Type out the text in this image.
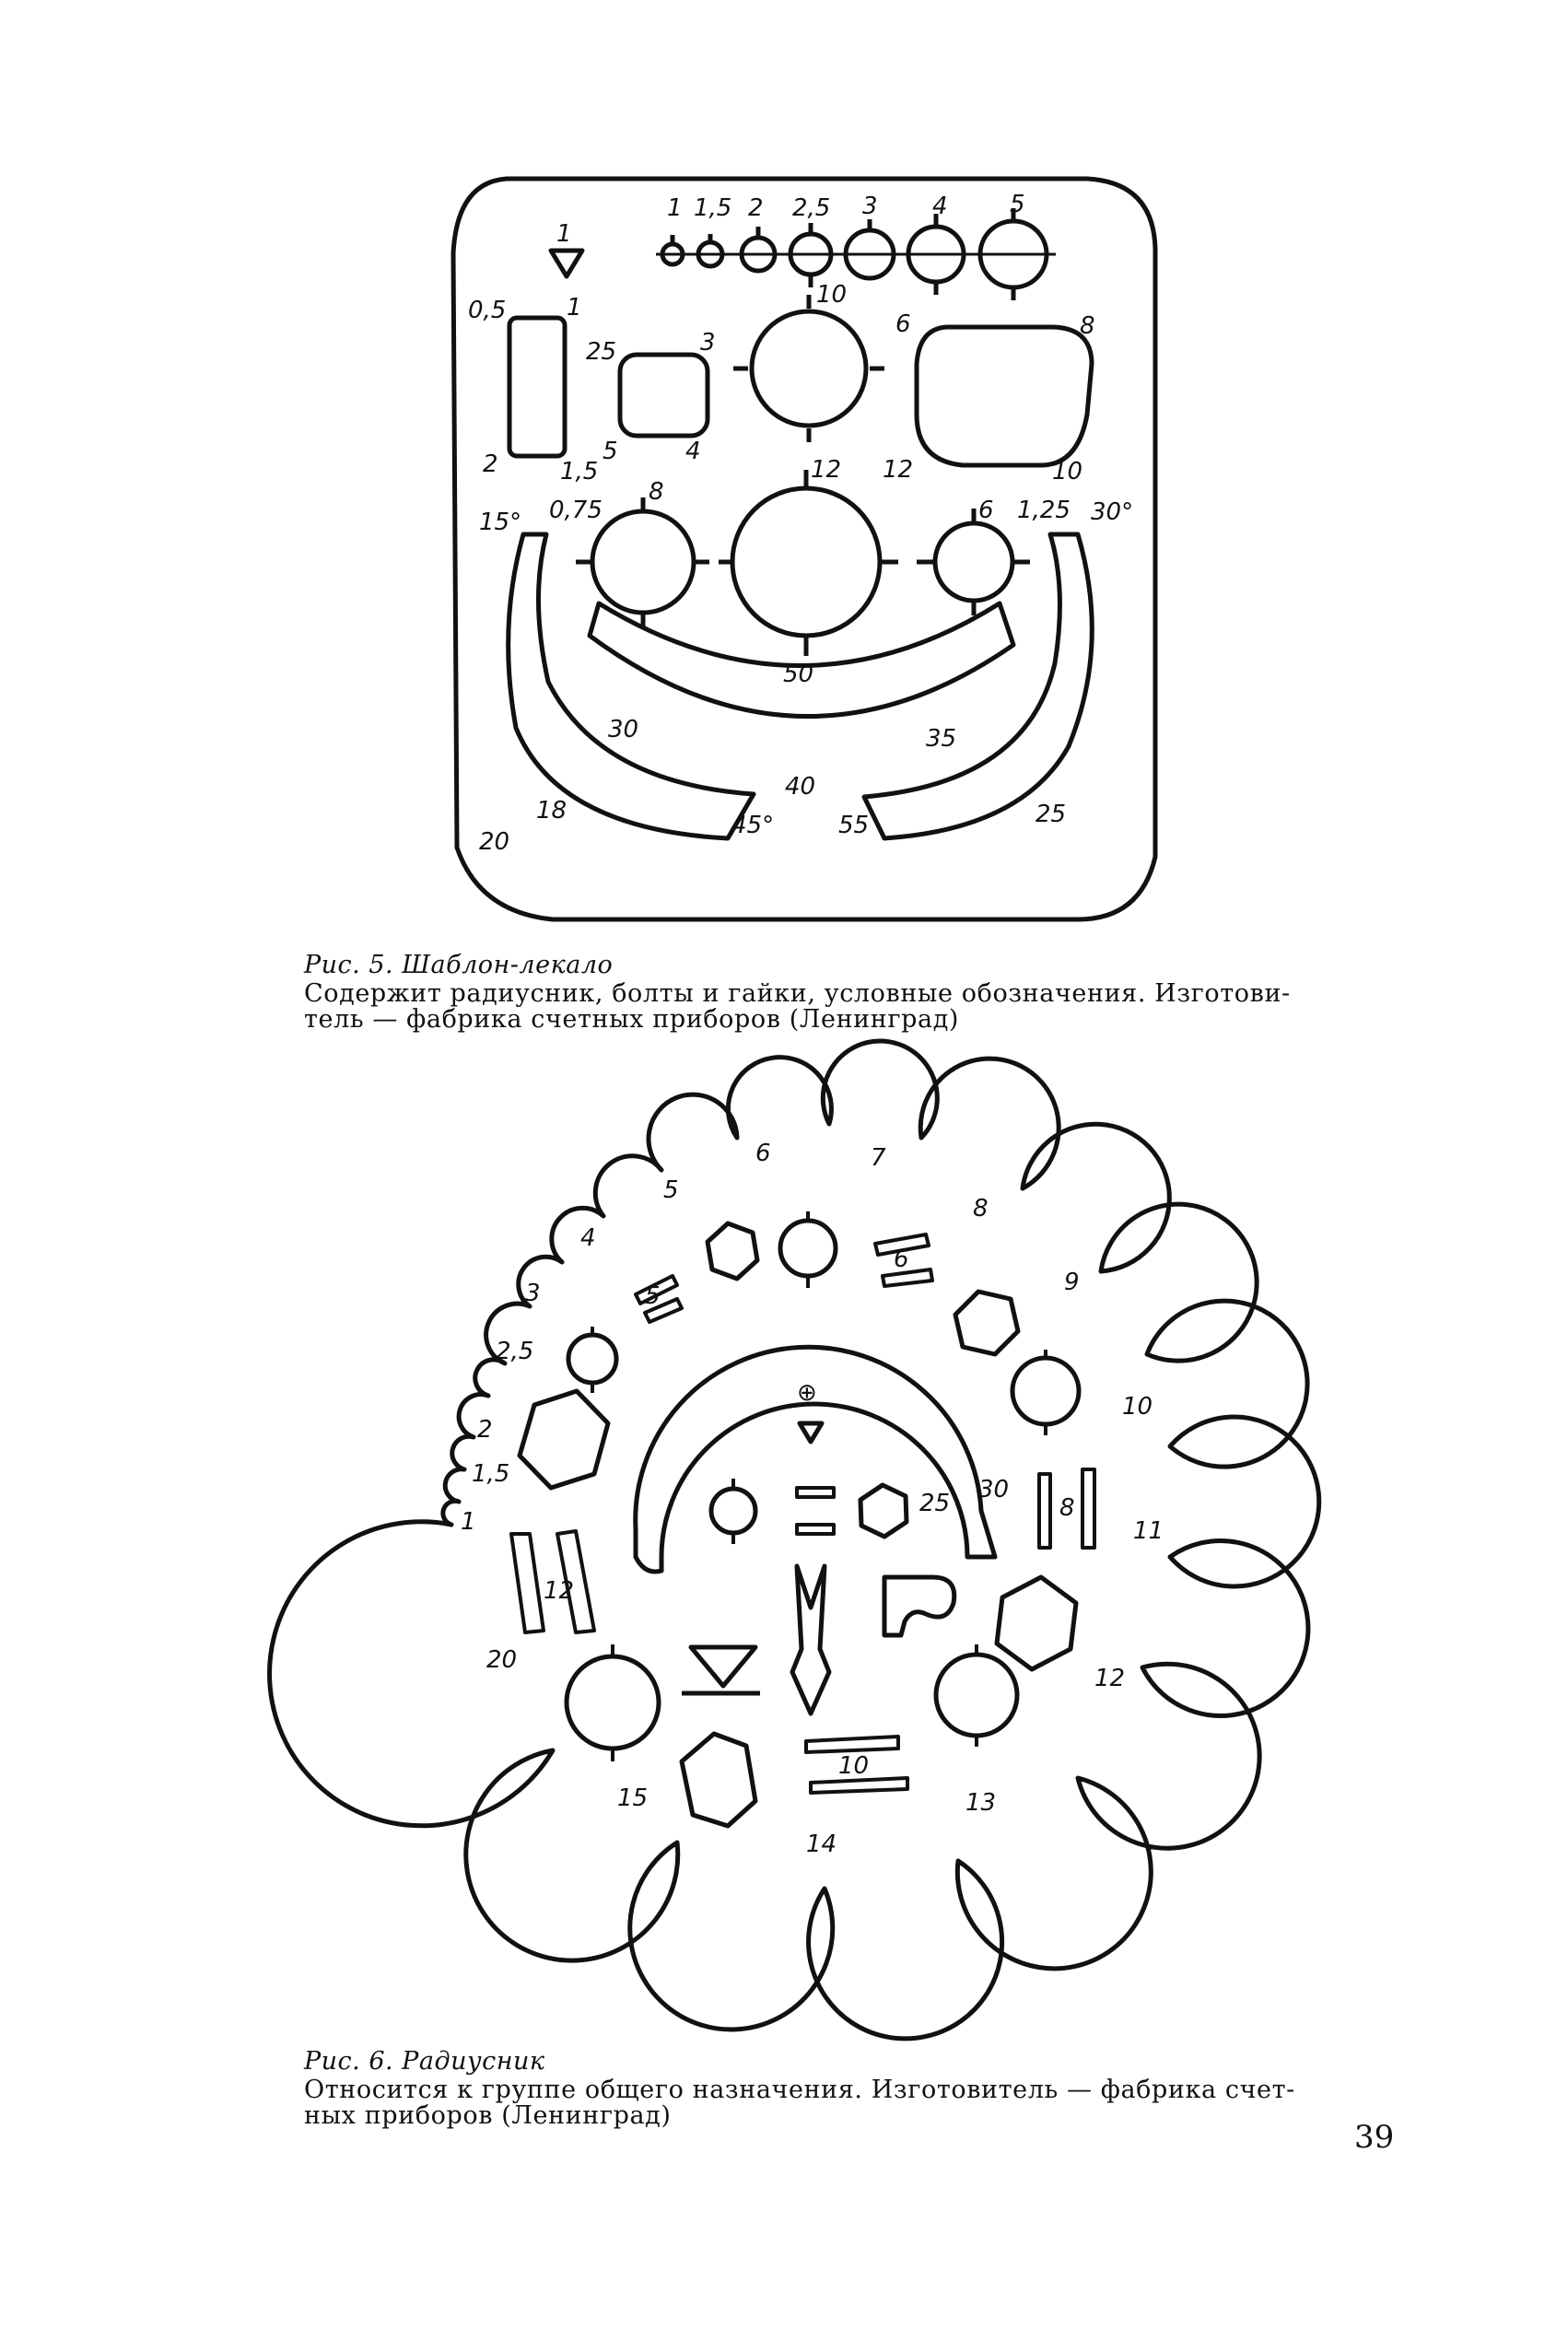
1 1,5 2 2,5 3 4	5
1
0,5	1
2	1,5
25	3
5	4
10
6	8
12	10
12
15° 0,75
8
6 1,25 30°
50
30	35
40
18
20
45°	55	25
Рис. 5. Шаблон-лекало
Содержит радиусник, болты и гайки, условные обозначения. Изготови-
тель — фабрика счетных приборов (Ленинград)
1
1,5
2
2,5
3
4
5
6	7
8
9
10
11
12
13
14
15
20
5
6
8
10
12
25 30
⊕
Рис. 6. Радиусник
Относится к группе общего назначения. Изготовитель — фабрика счет-
ных приборов (Ленинград)
39
